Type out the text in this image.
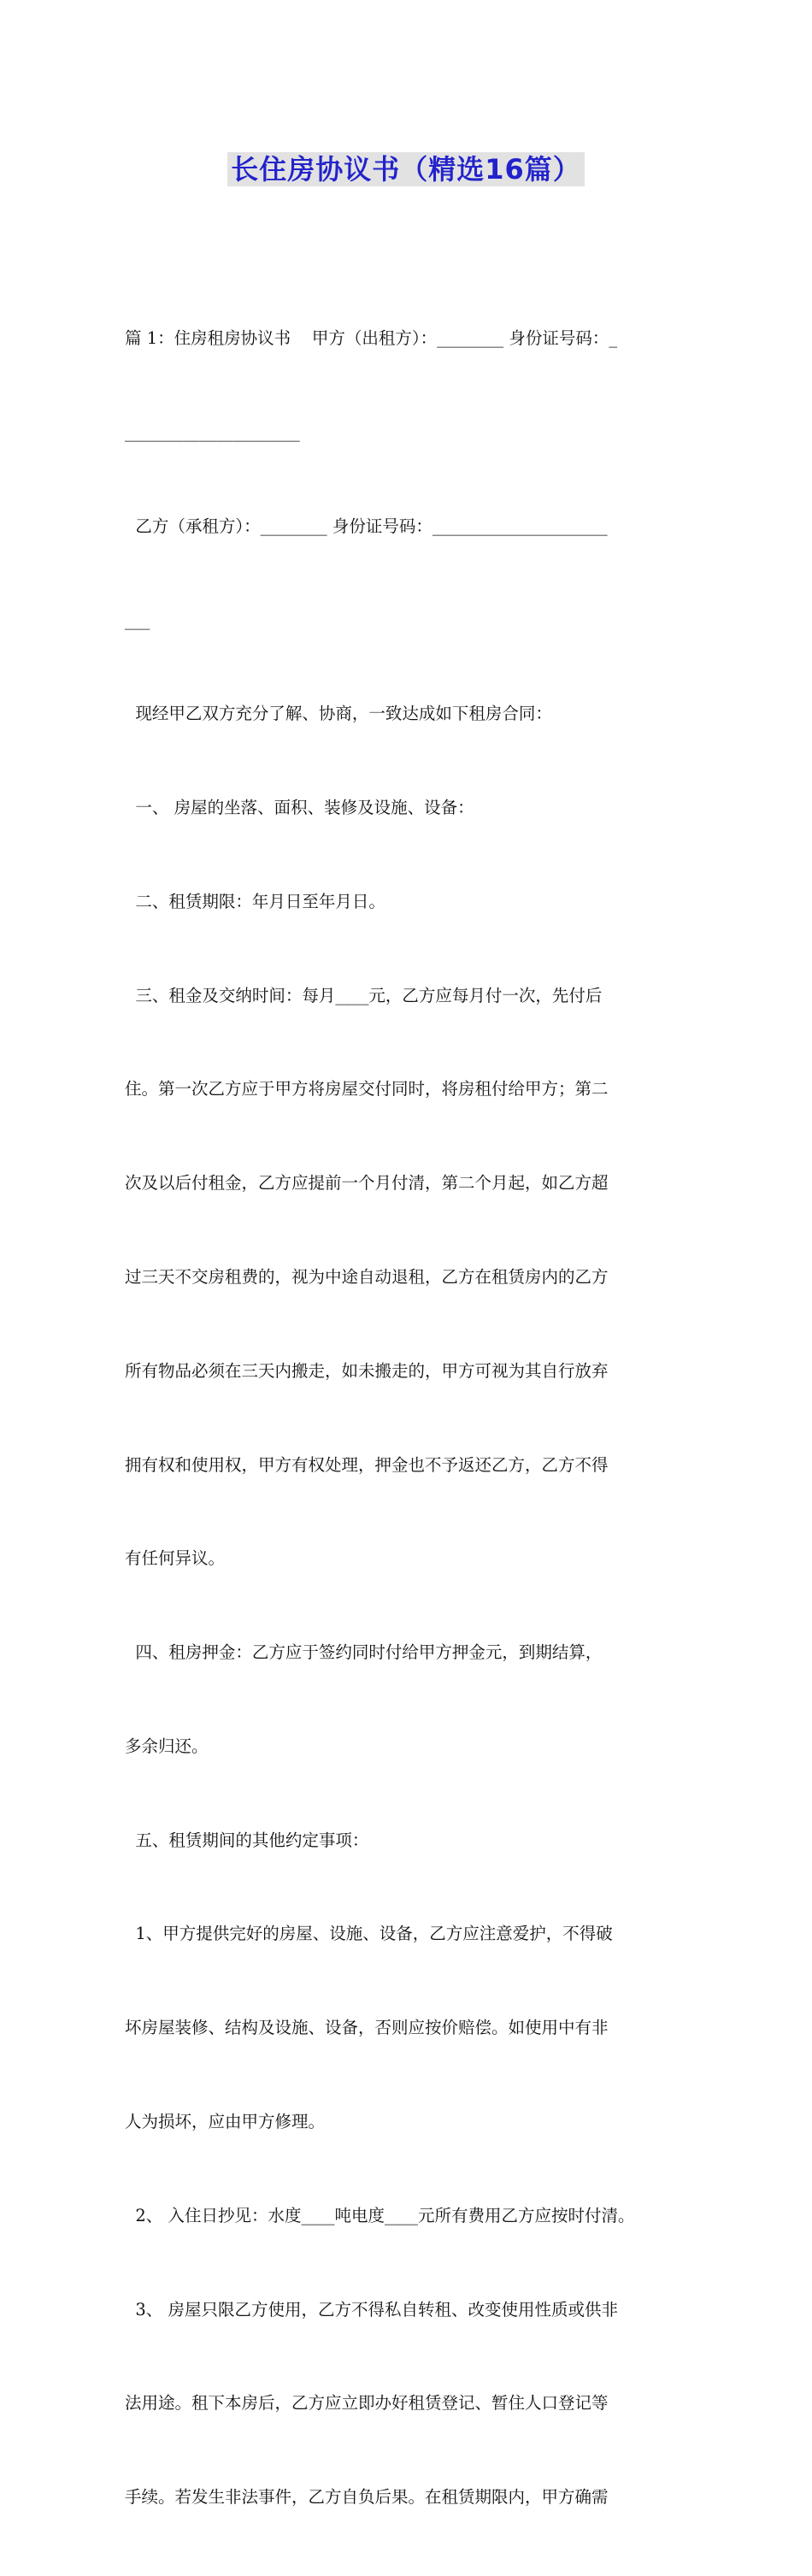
长住房协议书（精选16篇）

篇 1：住房租房协议书    甲方（出租方）：________ 身份证号码：_

_____________________

乙方（承租方）：________ 身份证号码：_____________________

___

现经甲乙双方充分了解、协商，一致达成如下租房合同：

一、 房屋的坐落、面积、装修及设施、设备：

二、租赁期限：年月日至年月日。

三、租金及交纳时间：每月____元，乙方应每月付一次，先付后

住。第一次乙方应于甲方将房屋交付同时，将房租付给甲方；第二

次及以后付租金，乙方应提前一个月付清，第二个月起，如乙方超

过三天不交房租费的，视为中途自动退租，乙方在租赁房内的乙方

所有物品必须在三天内搬走，如未搬走的，甲方可视为其自行放弃

拥有权和使用权，甲方有权处理，押金也不予返还乙方，乙方不得

有任何异议。

四、租房押金：乙方应于签约同时付给甲方押金元，到期结算，

多余归还。

五、租赁期间的其他约定事项：

1、甲方提供完好的房屋、设施、设备，乙方应注意爱护，不得破

坏房屋装修、结构及设施、设备，否则应按价赔偿。如使用中有非

人为损坏，应由甲方修理。

2、 入住日抄见：水度____吨电度____元所有费用乙方应按时付清。

3、 房屋只限乙方使用，乙方不得私自转租、改变使用性质或供非

法用途。租下本房后，乙方应立即办好租赁登记、暂住人口登记等

手续。若发生非法事件，乙方自负后果。在租赁期限内，甲方确需
